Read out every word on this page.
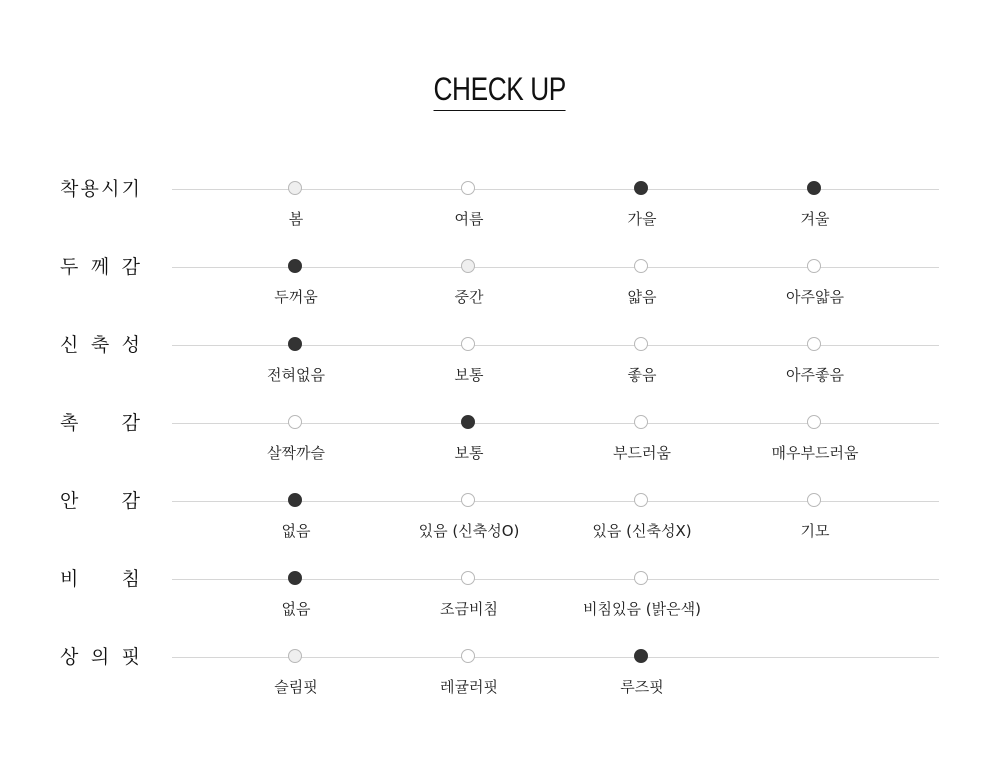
CHECK UP
착 용 시 기
봄	여름	가을	겨울
두 께 감
두꺼움	중간	얇음	아주얇음
신 축 성
전혀없음	보통	좋음	아주좋음
촉 감
살짝까슬	보통	부드러움	매우부드러움
안 감
없음	있음 (신축성O)	있음 (신축성X)	기모
비 침
없음	조금비침	비침있음 (밝은색)
상 의 핏
슬림핏	레귤러핏	루즈핏
